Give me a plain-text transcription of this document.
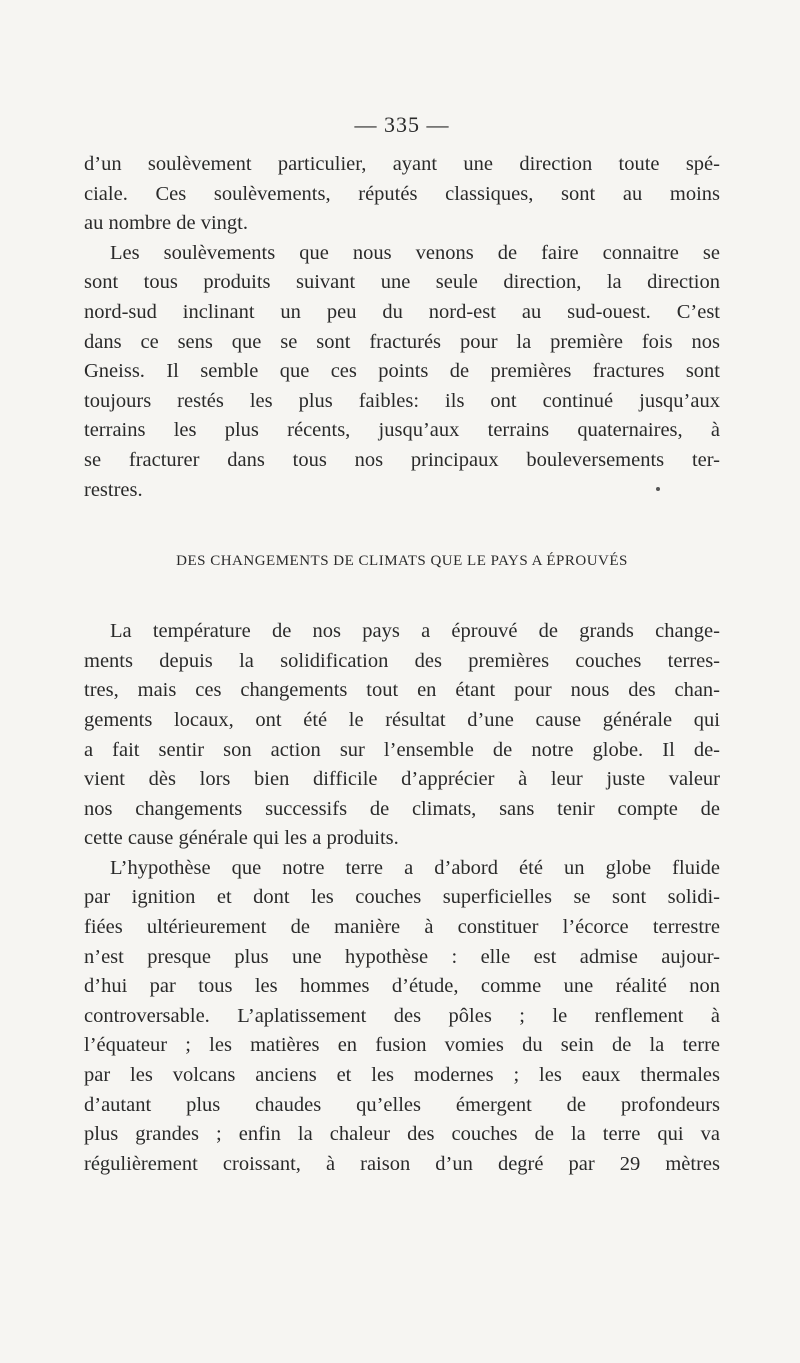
— 335 —
d’un soulèvement particulier, ayant une direction toute spé-
ciale. Ces soulèvements, réputés classiques, sont au moins
au nombre de vingt.
Les soulèvements que nous venons de faire connaitre se
sont tous produits suivant une seule direction, la direction
nord-sud inclinant un peu du nord-est au sud-ouest. C’est
dans ce sens que se sont fracturés pour la première fois nos
Gneiss. Il semble que ces points de premières fractures sont
toujours restés les plus faibles: ils ont continué jusqu’aux
terrains les plus récents, jusqu’aux terrains quaternaires, à
se fracturer dans tous nos principaux bouleversements ter-
restres.
DES CHANGEMENTS DE CLIMATS QUE LE PAYS A ÉPROUVÉS
La température de nos pays a éprouvé de grands change-
ments depuis la solidification des premières couches terres-
tres, mais ces changements tout en étant pour nous des chan-
gements locaux, ont été le résultat d’une cause générale qui
a fait sentir son action sur l’ensemble de notre globe. Il de-
vient dès lors bien difficile d’apprécier à leur juste valeur
nos changements successifs de climats, sans tenir compte de
cette cause générale qui les a produits.
L’hypothèse que notre terre a d’abord été un globe fluide
par ignition et dont les couches superficielles se sont solidi-
fiées ultérieurement de manière à constituer l’écorce terrestre
n’est presque plus une hypothèse : elle est admise aujour-
d’hui par tous les hommes d’étude, comme une réalité non
controversable. L’aplatissement des pôles ; le renflement à
l’équateur ; les matières en fusion vomies du sein de la terre
par les volcans anciens et les modernes ; les eaux thermales
d’autant plus chaudes qu’elles émergent de profondeurs
plus grandes ; enfin la chaleur des couches de la terre qui va
régulièrement croissant, à raison d’un degré par 29 mètres
